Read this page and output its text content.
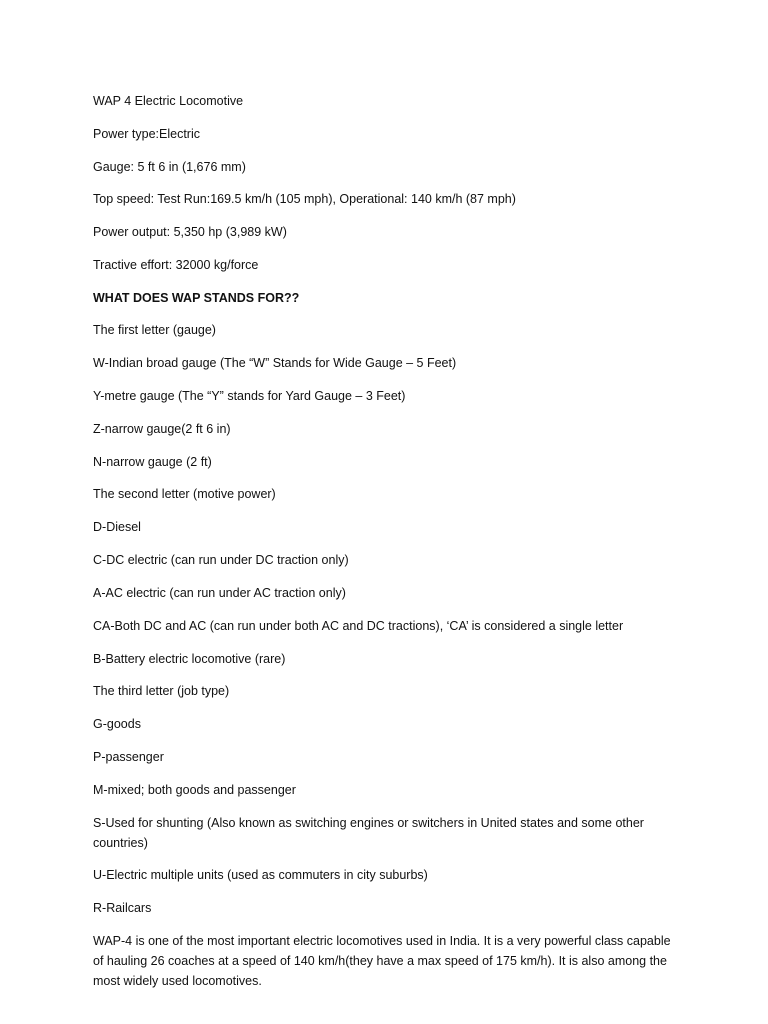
WAP 4 Electric Locomotive
Power type:Electric
Gauge: 5 ft 6 in (1,676 mm)
Top speed: Test Run:169.5 km/h (105 mph), Operational: 140 km/h (87 mph)
Power output: 5,350 hp (3,989 kW)
Tractive effort: 32000 kg/force
WHAT DOES WAP STANDS FOR??
The first letter (gauge)
W-Indian broad gauge (The “W” Stands for Wide Gauge – 5 Feet)
Y-metre gauge (The “Y” stands for Yard Gauge – 3 Feet)
Z-narrow gauge(2 ft 6 in)
N-narrow gauge (2 ft)
The second letter (motive power)
D-Diesel
C-DC electric (can run under DC traction only)
A-AC electric (can run under AC traction only)
CA-Both DC and AC (can run under both AC and DC tractions), ‘CA’ is considered a single letter
B-Battery electric locomotive (rare)
The third letter (job type)
G-goods
P-passenger
M-mixed; both goods and passenger
S-Used for shunting (Also known as switching engines or switchers in United states and some other countries)
U-Electric multiple units (used as commuters in city suburbs)
R-Railcars
WAP-4 is one of the most important electric locomotives used in India. It is a very powerful class capable of hauling 26 coaches at a speed of 140 km/h(they have a max speed of 175 km/h). It is also among the most widely used locomotives.
